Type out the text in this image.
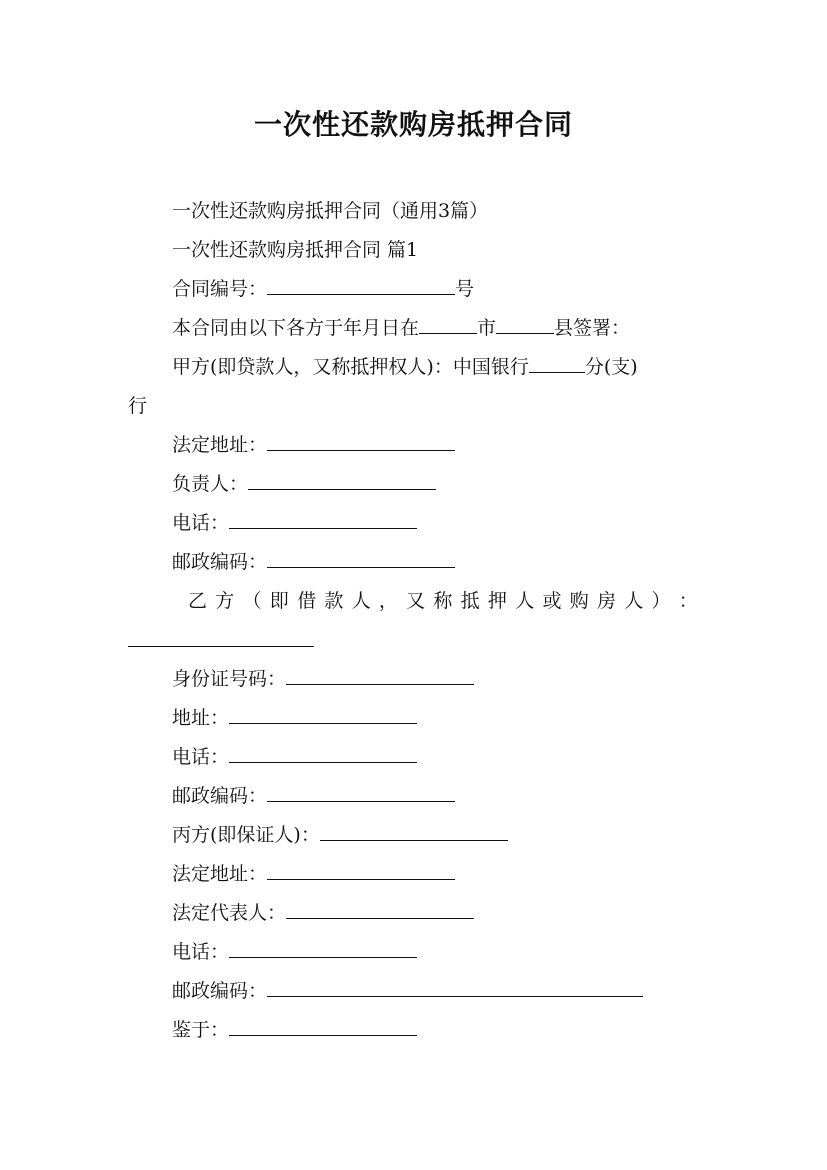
一次性还款购房抵押合同
一次性还款购房抵押合同（通用3篇）
一次性还款购房抵押合同 篇1
合同编号：	号
本合同由以下各方于年月日在	市	县签署：
甲方(即贷款人，又称抵押权人)：中国银行	分(支)
行
法定地址：
负责人：
电话：
邮政编码：
乙 方 （ 即 借 款 人 ， 又 称 抵 押 人 或 购 房 人 ） ：
身份证号码：
地址：
电话：
邮政编码：
丙方(即保证人)：
法定地址：
法定代表人：
电话：
邮政编码：
鉴于：
